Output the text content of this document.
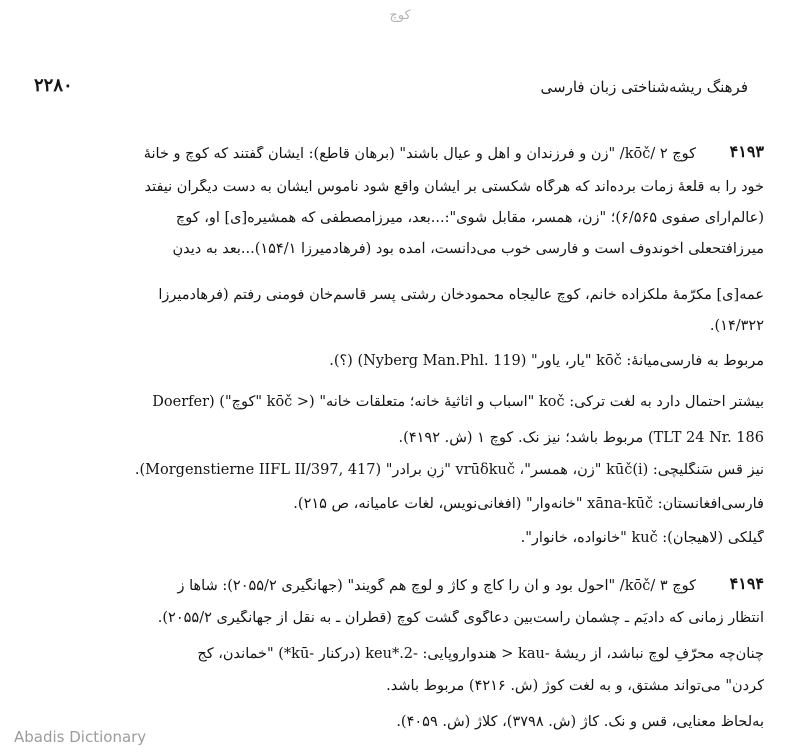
کوچ
فرهنگ ریشه‌شناختی زبان فارسی
۲۲۸۰
۴۱۹۳
کوچ ۲ /kōč/ "زن و فرزندان و اهل و عیال باشند" (برهان قاطع): ایشان گفتند که کوچ و خانهٔ
خود را به قلعهٔ زمات برده‌اند که هرگاه شکستی بر ایشان واقع شود ناموس ایشان به دست دیگران نیفتد
(عالم‌آرای صفوی ۶/۵۶۵)؛ "زن، همسر، مقابل شوی":...بعد، میرزامصطفی که همشیره[ی] او، کوچ
میرزافتحعلی آخوندوف است و فارسی خوب می‌دانست، آمده بود (فرهادمیرزا ۱۵۴/۱)...بعد به دیدنِ
عمه‌[ی] مکرّمهٔ ملکزاده خانم، کوچ عالیجاه محمودخان رشتی پسر قاسم‌خان فومنی رفتم (فرهادمیرزا
۱۴/۳۲۲).
مربوط به فارسی‌میانهٔ: kōč "یار، یاور" (Nyberg Man.Phl. 119) (؟).
بیشتر احتمال دارد به لغت ترکی: koč "اسباب و اثاثیهٔ خانه؛ متعلّقات خانه" (< kōč "کوچ") (Doerfer
TLT 24 Nr. 186) مربوط باشد؛ نیز نک. کوچ ۱ (ش. ۴۱۹۲).
نیز قس سَنگْلیچی: kūč(i) "زن، همسر"، vrūδkuč "زنِ برادر" (Morgenstierne IIFL II/397, 417).
فارسی‌افغانستان: xāna-kūč "خانه‌وار" (افغانی‌نویس، لغات عامیانه، ص ۲۱۵).
گیلکی (لاهیجان): kuč "خانواده، خانوار".
۴۱۹۴
کوچ ۳ /kōč/ "احول بود و آن را کاچ و کاژ و لوچ هم گویند" (جهانگیری ۲۰۵۵/۲): شاها ز
انتظار زمانی که دادیَم ـ چشمان راست‌بینِ دعاگوی گشت کوچ (قطران ـ به نقل از جهانگیری ۲۰۵۵/۲).
چنان‌چه محرّفِ لوچ نباشد، از ریشهٔ -kau < هندواروپایی: -2.*keu (درکنار -kū*) "خماندن، کج
کردن" می‌تواند مشتق، و به لغت کوژ (ش. ۴۲۱۶) مربوط باشد.
به‌لحاظ معنایی، قس و نک. کاژ (ش. ۳۷۹۸)، کلاژ (ش. ۴۰۵۹).
Abadis Dictionary
